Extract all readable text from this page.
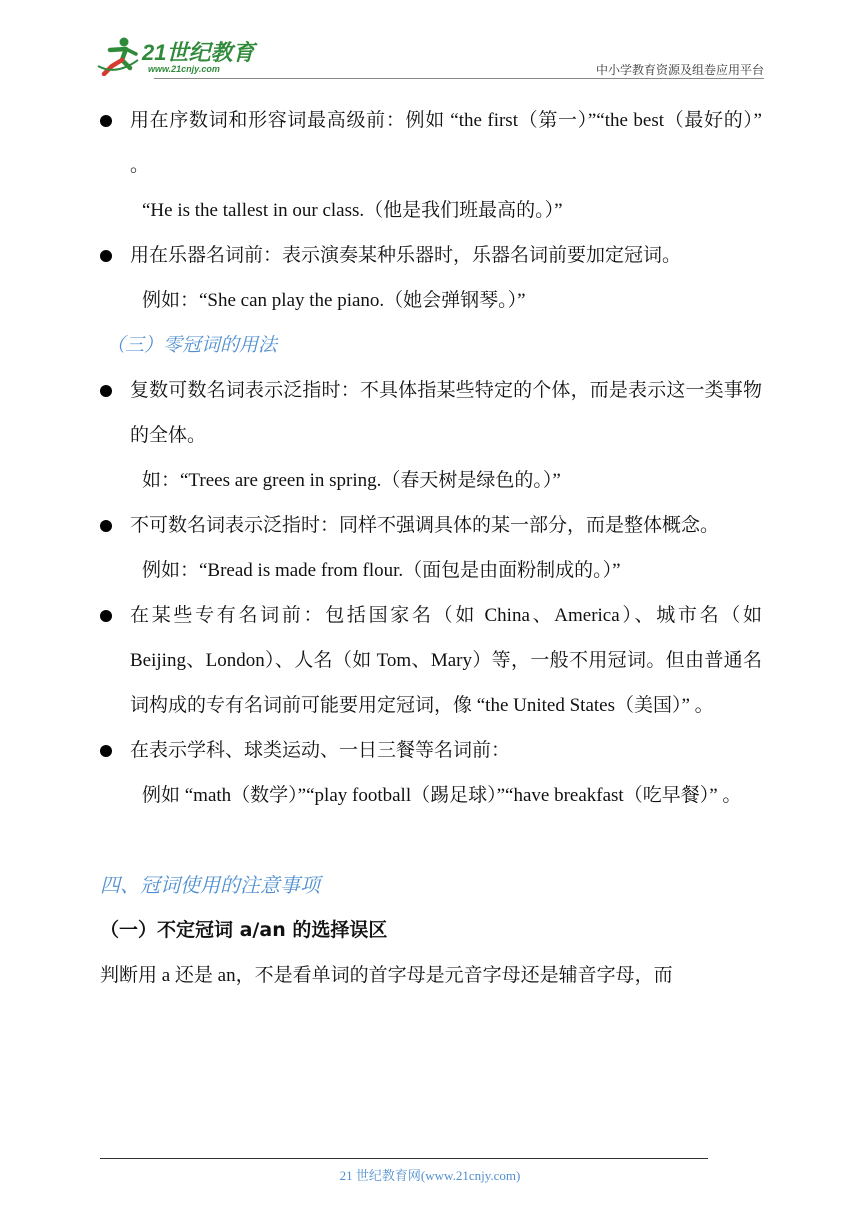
21世纪教育
www.21cnjy.com	中小学教育资源及组卷应用平台
用在序数词和形容词最高级前：例如 “the first（第一）”“the best（最好的）” 。
“He is the tallest in our class.（他是我们班最高的。）”
用在乐器名词前：表示演奏某种乐器时，乐器名词前要加定冠词。
例如：“She can play the piano.（她会弹钢琴。）”
（三）零冠词的用法
复数可数名词表示泛指时：不具体指某些特定的个体，而是表示这一类事物的全体。
如：“Trees are green in spring.（春天树是绿色的。）”
不可数名词表示泛指时：同样不强调具体的某一部分，而是整体概念。
例如：“Bread is made from flour.（面包是由面粉制成的。）”
在某些专有名词前：包括国家名（如 China、America）、城市名（如 Beijing、London）、人名（如 Tom、Mary）等，一般不用冠词。但由普通名词构成的专有名词前可能要用定冠词，像 “the United States（美国）” 。
在表示学科、球类运动、一日三餐等名词前：
例如 “math（数学）”“play football（踢足球）”“have breakfast（吃早餐）” 。
四、冠词使用的注意事项
（一）不定冠词 a/an 的选择误区
判断用 a 还是 an，不是看单词的首字母是元音字母还是辅音字母，而
21 世纪教育网(www.21cnjy.com)
